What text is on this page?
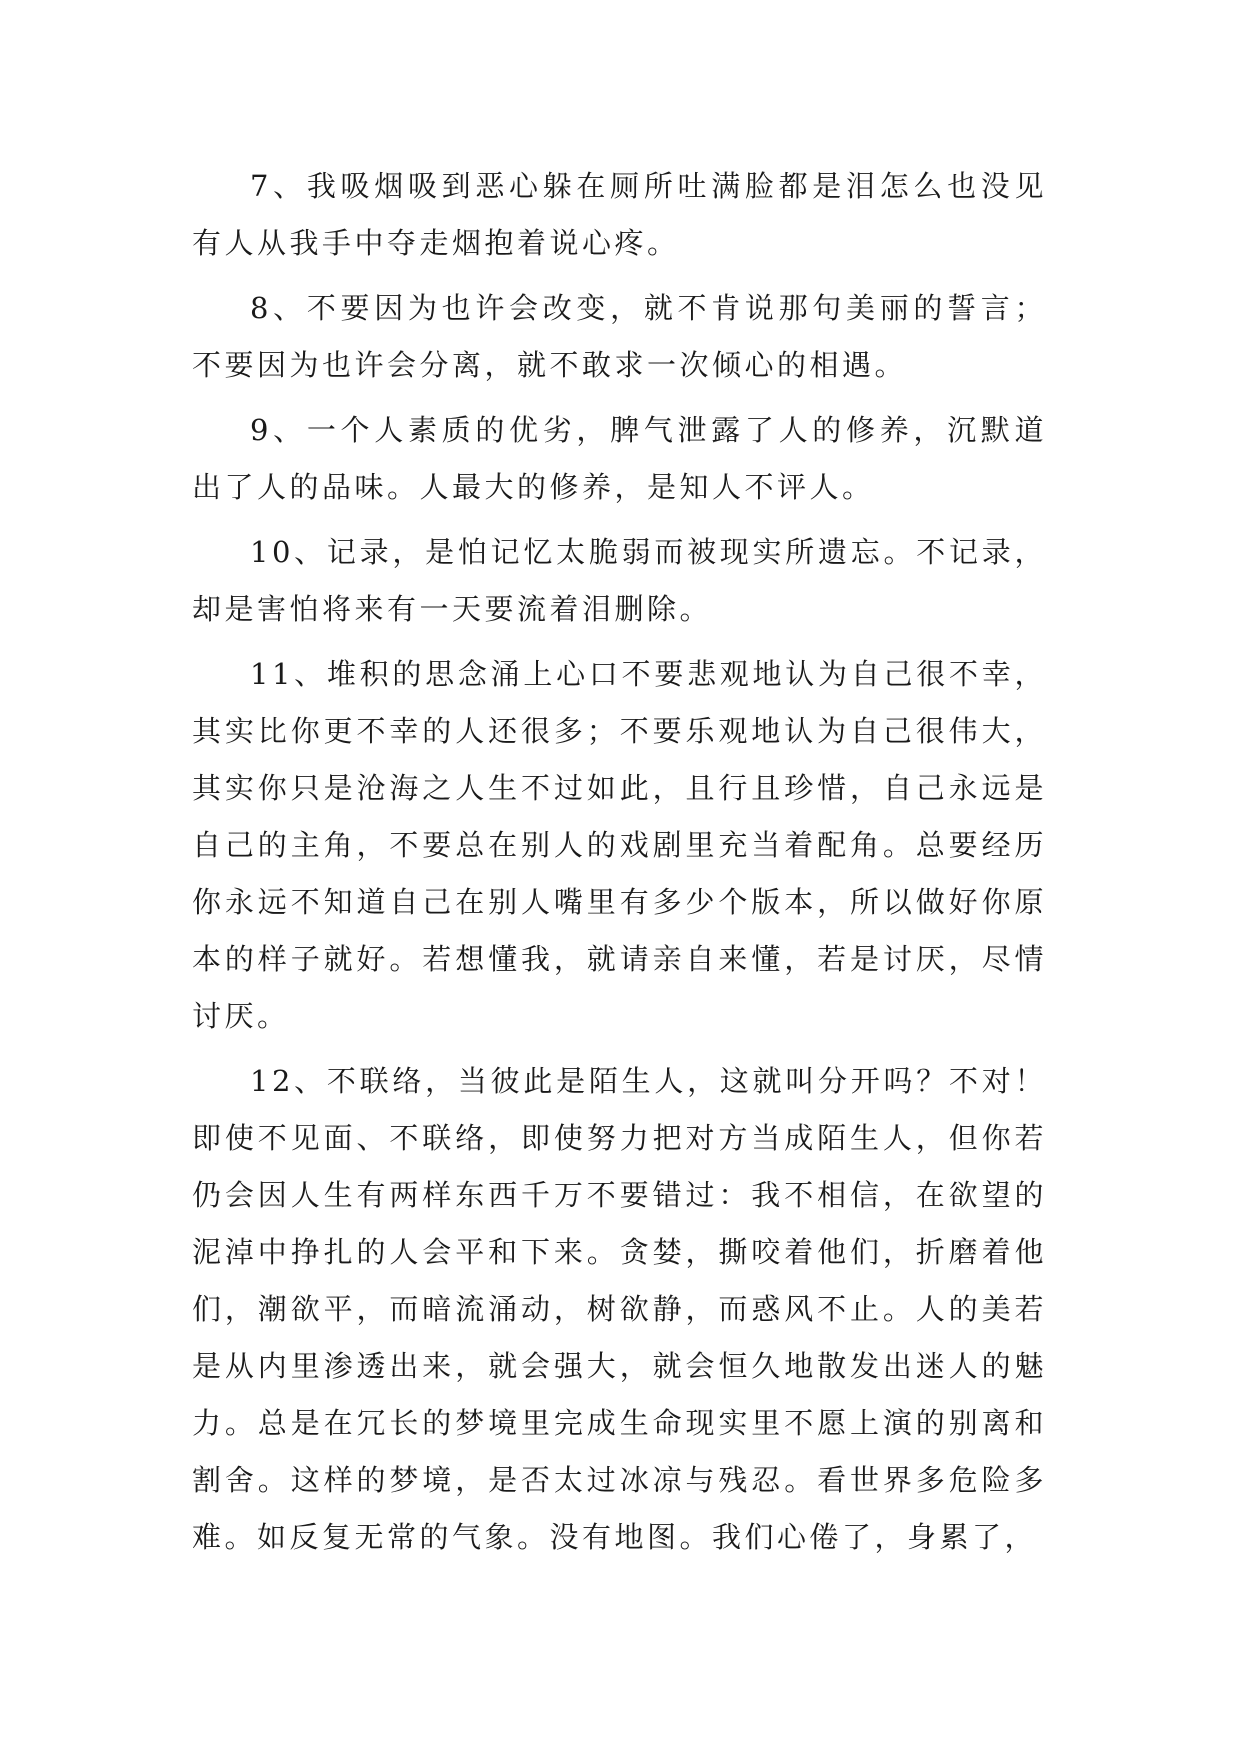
7、我吸烟吸到恶心躲在厕所吐满脸都是泪怎么也没见有人从我手中夺走烟抱着说心疼。

8、不要因为也许会改变，就不肯说那句美丽的誓言；不要因为也许会分离，就不敢求一次倾心的相遇。

9、一个人素质的优劣，脾气泄露了人的修养，沉默道出了人的品味。人最大的修养，是知人不评人。

10、记录，是怕记忆太脆弱而被现实所遗忘。不记录，却是害怕将来有一天要流着泪删除。

11、堆积的思念涌上心口不要悲观地认为自己很不幸，其实比你更不幸的人还很多；不要乐观地认为自己很伟大，其实你只是沧海之人生不过如此，且行且珍惜，自己永远是自己的主角，不要总在别人的戏剧里充当着配角。总要经历你永远不知道自己在别人嘴里有多少个版本，所以做好你原本的样子就好。若想懂我，就请亲自来懂，若是讨厌，尽情讨厌。

12、不联络，当彼此是陌生人，这就叫分开吗？不对！即使不见面、不联络，即使努力把对方当成陌生人，但你若仍会因人生有两样东西千万不要错过：我不相信，在欲望的泥淖中挣扎的人会平和下来。贪婪，撕咬着他们，折磨着他们，潮欲平，而暗流涌动，树欲静，而惑风不止。人的美若是从内里渗透出来，就会强大，就会恒久地散发出迷人的魅力。总是在冗长的梦境里完成生命现实里不愿上演的别离和割舍。这样的梦境，是否太过冰凉与残忍。看世界多危险多难。如反复无常的气象。没有地图。我们心倦了，身累了，
